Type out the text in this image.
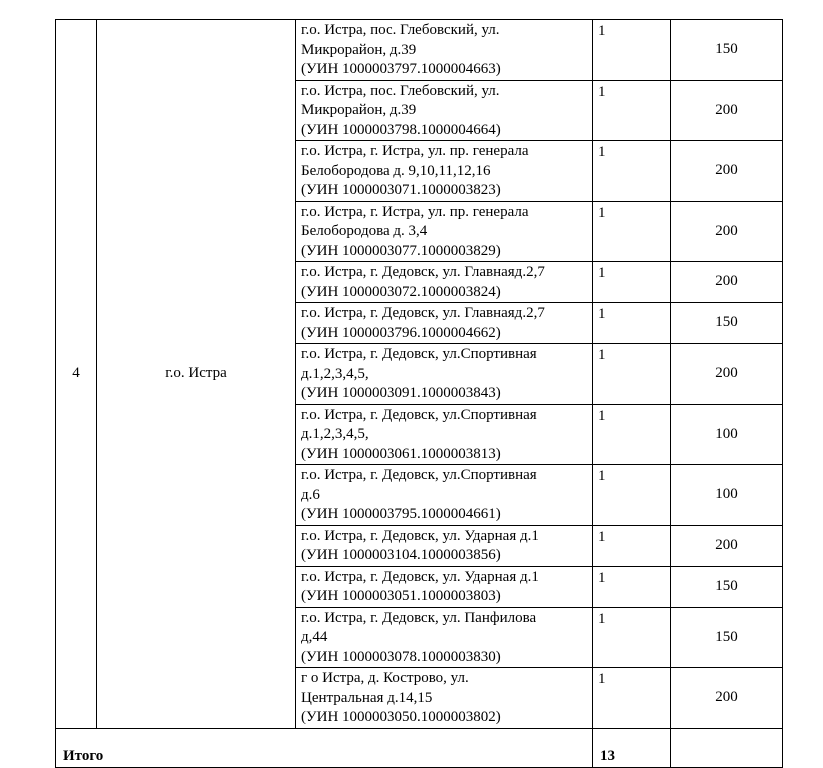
4	г.о. Истра	г.о. Истра, пос. Глебовский, ул.
Микрорайон, д.39
(УИН 1000003797.1000004663)	1	150

		г.о. Истра, пос. Глебовский, ул.
Микрорайон, д.39
(УИН 1000003798.1000004664)	1	200

		г.о. Истра, г. Истра, ул. пр. генерала
Белобородова д. 9,10,11,12,16
(УИН 1000003071.1000003823)	1	200

		г.о. Истра, г. Истра, ул. пр. генерала
Белобородова д. 3,4
(УИН 1000003077.1000003829)	1	200

		г.о. Истра, г. Дедовск, ул. Главнаяд.2,7
(УИН 1000003072.1000003824)	1	200

		г.о. Истра, г. Дедовск, ул. Главнаяд.2,7
(УИН 1000003796.1000004662)	1	150

		г.о. Истра, г. Дедовск, ул.Спортивная
д.1,2,3,4,5,
(УИН 1000003091.1000003843)	1	200

		г.о. Истра, г. Дедовск, ул.Спортивная
д.1,2,3,4,5,
(УИН 1000003061.1000003813)	1	100

		г.о. Истра, г. Дедовск, ул.Спортивная
д.6
(УИН 1000003795.1000004661)	1	100

		г.о. Истра, г. Дедовск, ул. Ударная д.1
(УИН 1000003104.1000003856)	1	200

		г.о. Истра, г. Дедовск, ул. Ударная д.1
(УИН 1000003051.1000003803)	1	150

		г.о. Истра, г. Дедовск, ул. Панфилова
д,44
(УИН 1000003078.1000003830)	1	150

		г о Истра, д. Кострово, ул.
Центральная д.14,15
(УИН 1000003050.1000003802)	1	200
Итого			13	
